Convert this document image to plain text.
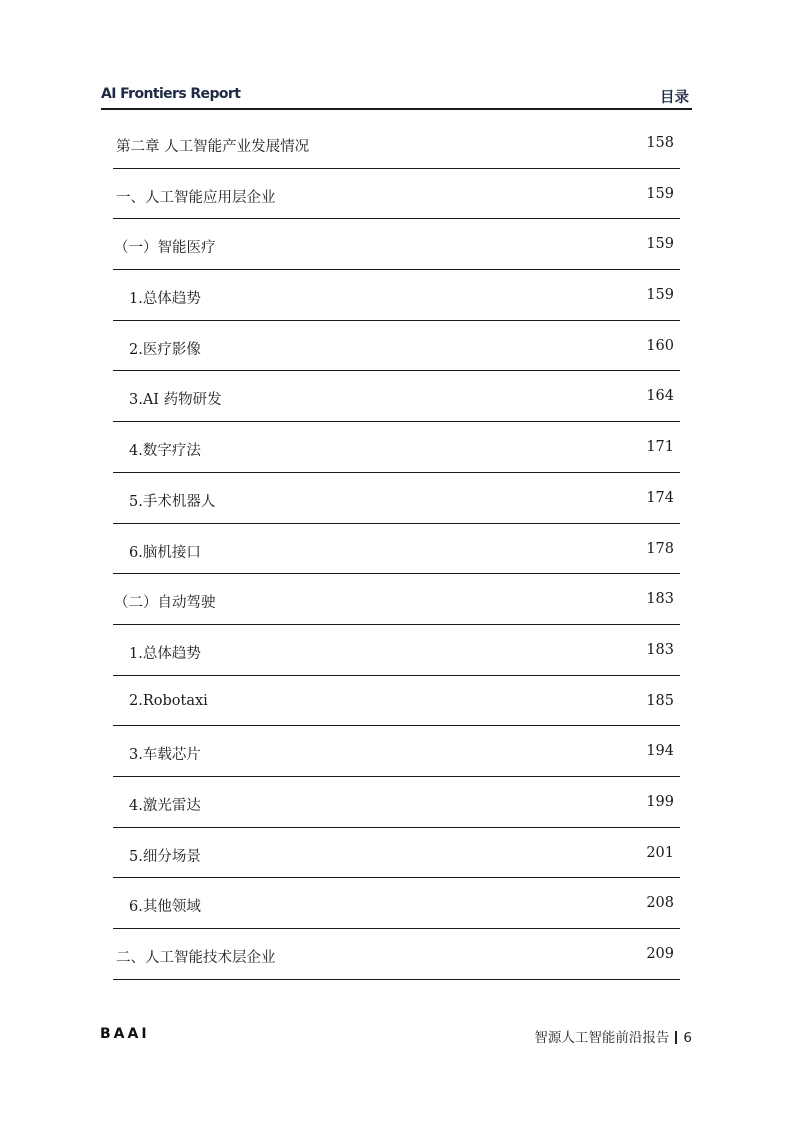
AI Frontiers Report	目录
第二章 人工智能产业发展情况	158
一、人工智能应用层企业	159
（一）智能医疗	159
1.总体趋势	159
2.医疗影像	160
3.AI 药物研发	164
4.数字疗法	171
5.手术机器人	174
6.脑机接口	178
（二）自动驾驶	183
1.总体趋势	183
2.Robotaxi	185
3.车载芯片	194
4.激光雷达	199
5.细分场景	201
6.其他领域	208
二、人工智能技术层企业	209
BAAI	智源人工智能前沿报告 6
